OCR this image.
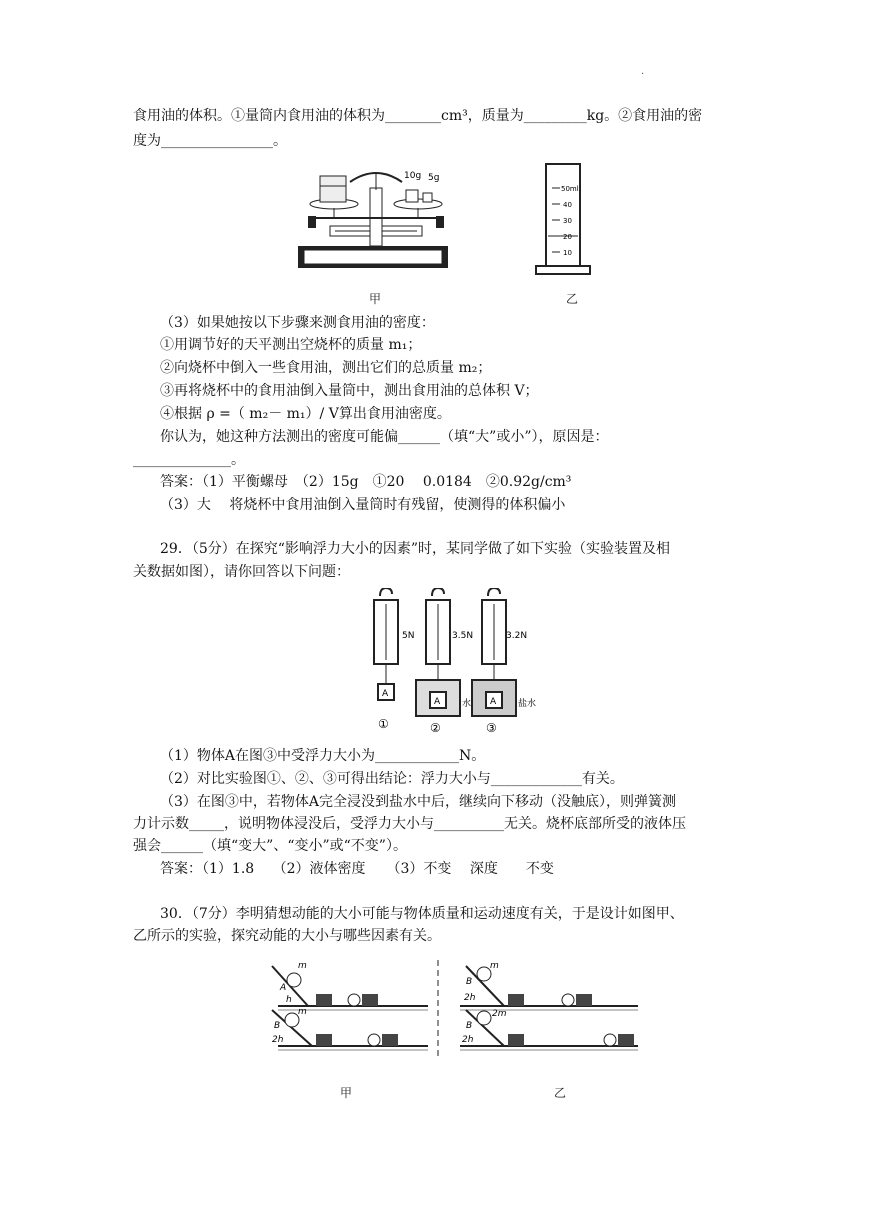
.
食用油的体积。①量筒内食用油的体积为________cm³，质量为_________kg。②食用油的密
度为________________。
10g 5g
50ml
40
30
20
10
甲	乙
（3）如果她按以下步骤来测食用油的密度：
①用调节好的天平测出空烧杯的质量 m₁；
②向烧杯中倒入一些食用油，测出它们的总质量 m₂；
③再将烧杯中的食用油倒入量筒中，测出食用油的总体积 V；
④根据 ρ =（ m₂－ m₁）/ V算出食用油密度。
你认为，她这种方法测出的密度可能偏______（填“大”或小”），原因是：
______________。
答案：（1）平衡螺母　（2）15g　①20　 0.0184　②0.92g/cm³
（3）大　 将烧杯中食用油倒入量筒时有残留，使测得的体积偏小
29．（5分）在探究“影响浮力大小的因素”时，某同学做了如下实验（实验装置及相
关数据如图），请你回答以下问题：
A
5N
①
A
3.5N
水
②
A
3.2N
盐水
③
（1）物体A在图③中受浮力大小为____________N。
（2）对比实验图①、②、③可得出结论：浮力大小与_____________有关。
（3）在图③中，若物体A完全浸没到盐水中后，继续向下移动（没触底），则弹簧测
力计示数_____，说明物体浸没后，受浮力大小与__________无关。烧杯底部所受的液体压
强会______（填“变大”、“变小”或“不变”）。
答案：（1）1.8　 （2）液体密度　　（3）不变　 深度　　不变
30．（7分）李明猜想动能的大小可能与物体质量和运动速度有关，于是设计如图甲、
乙所示的实验，探究动能的大小与哪些因素有关。
A
m
h
B
m
2h
B
m
2h
B
2m
2h
甲	乙
